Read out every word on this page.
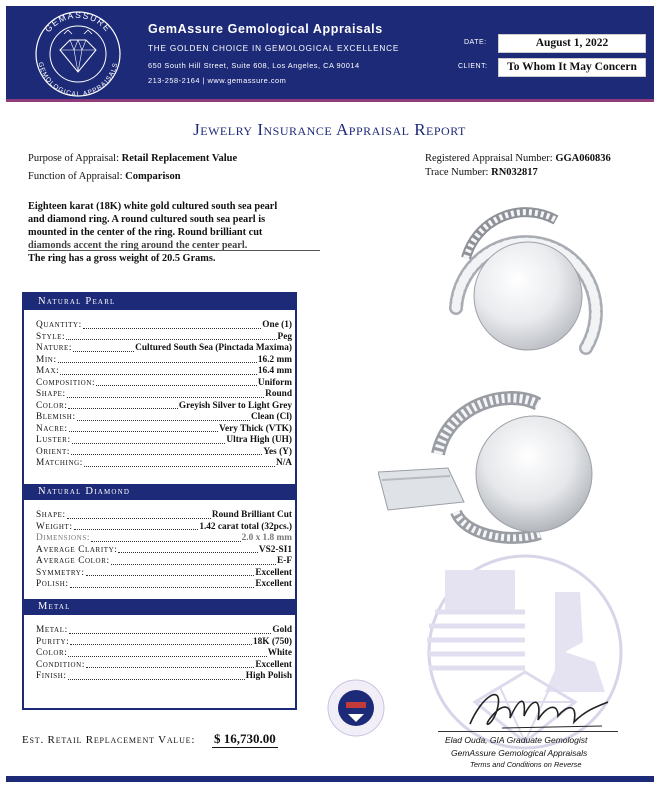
GEMASSURE
GEMOLOGICAL APPRAISALS
GemAssure Gemological Appraisals
THE GOLDEN CHOICE IN GEMOLOGICAL EXCELLENCE
650 South Hill Street, Suite 608, Los Angeles, CA 90014
213-258-2164 | www.gemassure.com
DATE:	August 1, 2022
CLIENT:	To Whom It May Concern
Jewelry Insurance Appraisal Report
Purpose of Appraisal: Retail Replacement Value
Function of Appraisal: Comparison
Registered Appraisal Number: GGA060836
Trace Number: RN032817
Eighteen karat (18K) white gold cultured south sea pearl
and diamond ring. A round cultured south sea pearl is
mounted in the center of the ring. Round brilliant cut
diamonds accent the ring around the center pearl.
The ring has a gross weight of 20.5 Grams.
Natural Pearl
Quantity:	One (1)
Style:	Peg
Nature:	Cultured South Sea (Pinctada Maxima)
Min:	16.2 mm
Max:	16.4 mm
Composition:	Uniform
Shape:	Round
Color:	Greyish Silver to Light Grey
Blemish:	Clean (Cl)
Nacre:	Very Thick (VTK)
Luster:	Ultra High (UH)
Orient:	Yes (Y)
Matching:	N/A
Natural Diamond
Shape:	Round Brilliant Cut
Weight:	1.42 carat total (32pcs.)
Dimensions:	2.0 x 1.8 mm
Average Clarity:	VS2-SI1
Average Color:	E-F
Symmetry:	Excellent
Polish:	Excellent
Metal
Metal:	Gold
Purity:	18K (750)
Color:	White
Condition:	Excellent
Finish:	High Polish
Elad Ouda, GIA Graduate Gemologist
GemAssure Gemological Appraisals
Terms and Conditions on Reverse
Est. Retail Replacement Value: $ 16,730.00
